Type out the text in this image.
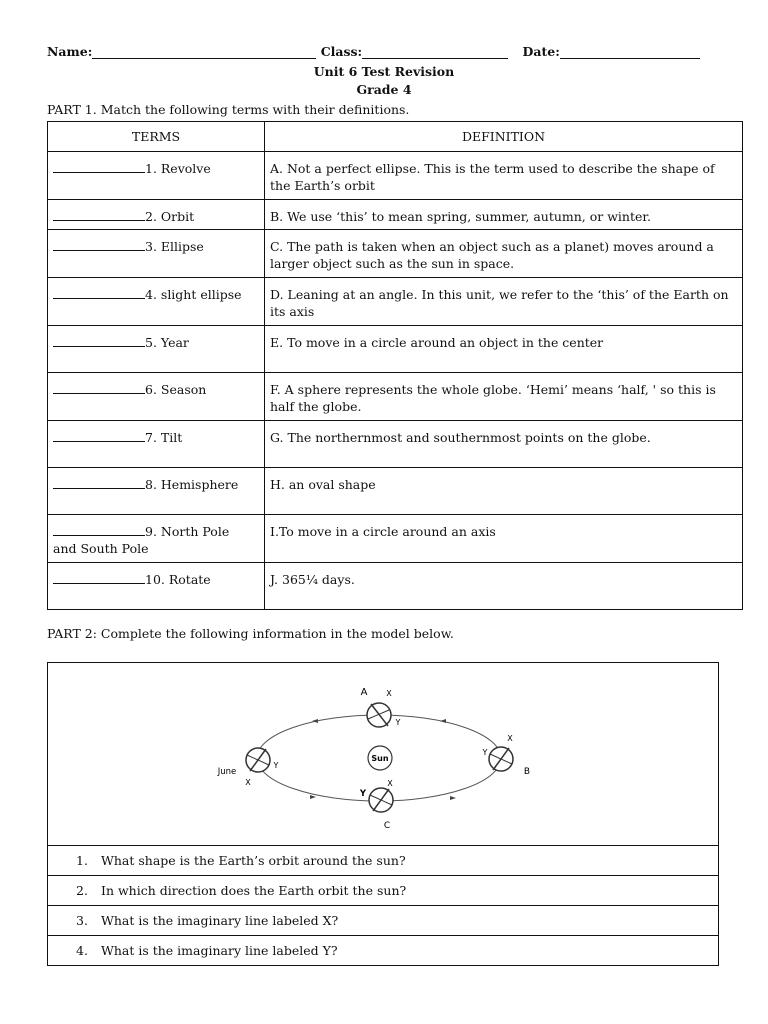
Name:	Class:	Date:
Unit 6 Test Revision
Grade 4
PART 1. Match the following terms with their definitions.
TERMS	DEFINITION
1. Revolve	A. Not a perfect ellipse. This is the term used to describe the shape of the Earth’s orbit
2. Orbit	B. We use ‘this’ to mean spring, summer, autumn, or winter.
3. Ellipse	C. The path is taken when an object such as a planet) moves around a larger object such as the sun in space.
4. slight ellipse	D. Leaning at an angle. In this unit, we refer to the ‘this’ of the Earth on its axis
5. Year	E. To move in a circle around an object in the center
6. Season	F. A sphere represents the whole globe. ‘Hemi’ means ‘half, ' so this is half the globe.
7. Tilt	G. The northernmost and southernmost points on the globe.
8. Hemisphere	H. an oval shape
9. North Pole
and South Pole	I.To move in a circle around an axis
10. Rotate	J. 365¼ days.
PART 2: Complete the following information in the model below.
Sun
A X
Y
June
Y
X
B
X
Y
X
Y
C
1. What shape is the Earth’s orbit around the sun?
2. In which direction does the Earth orbit the sun?
3. What is the imaginary line labeled X?
4. What is the imaginary line labeled Y?
